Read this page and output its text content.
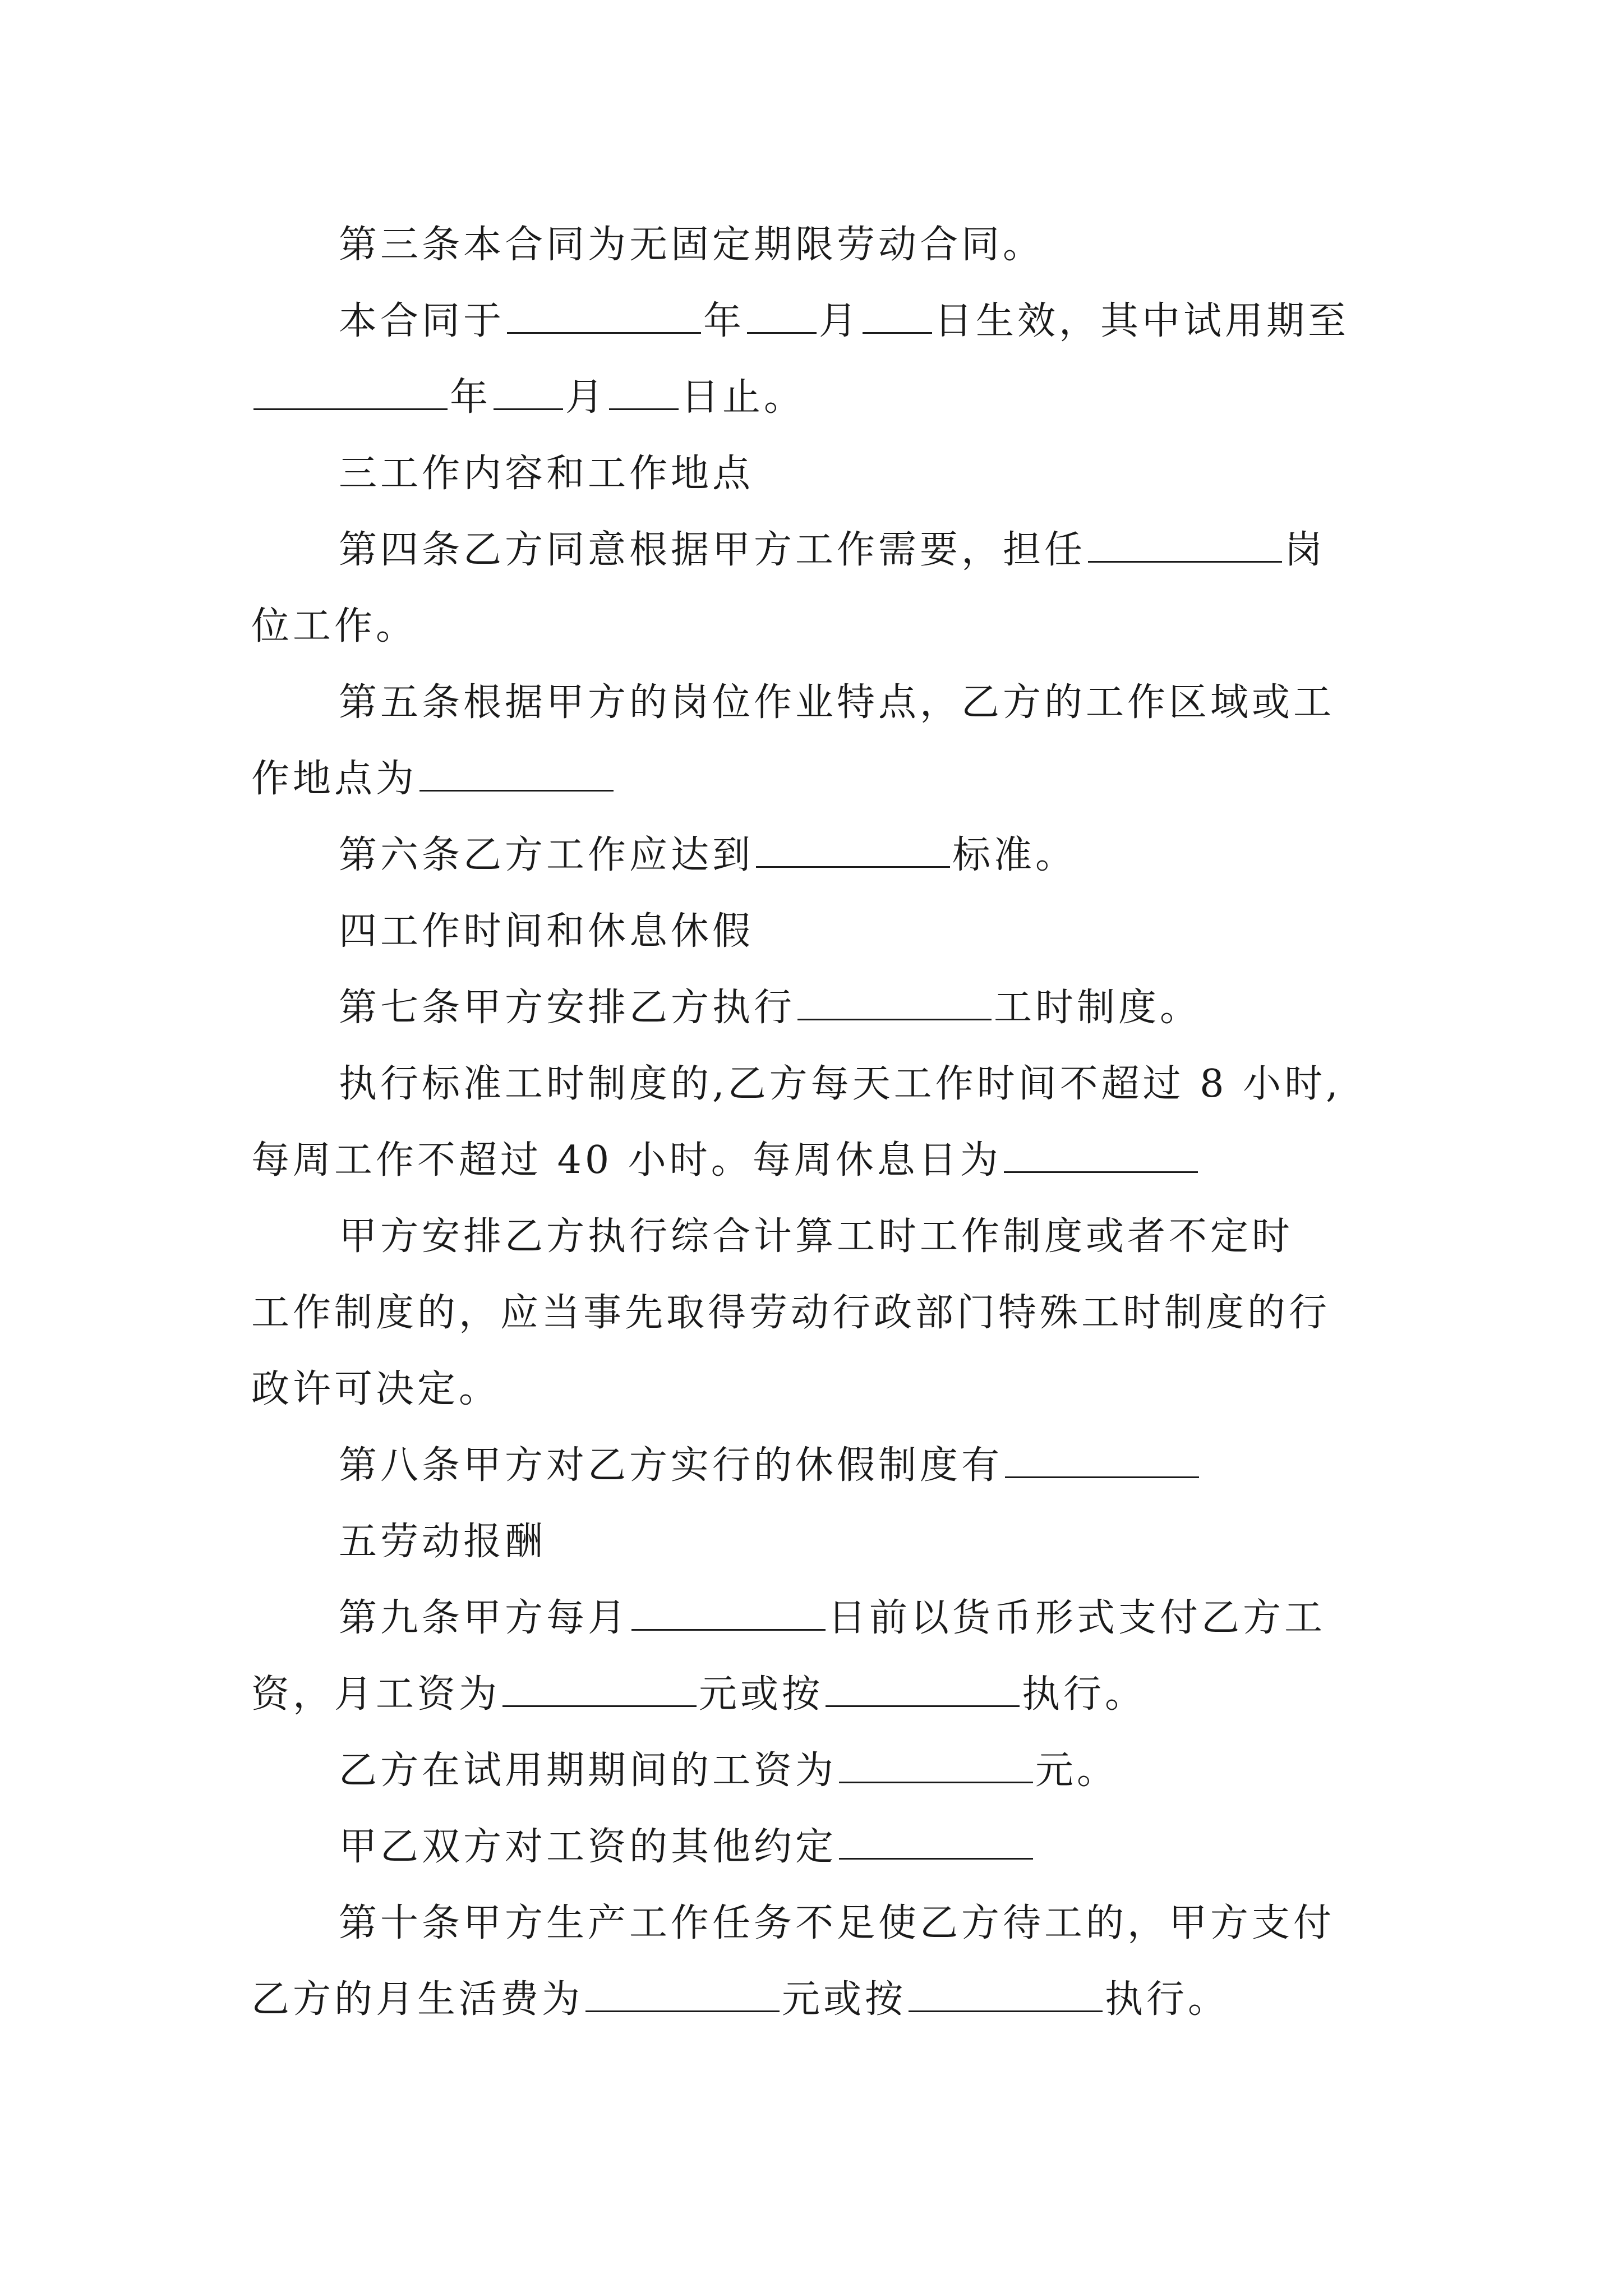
第三条本合同为无固定期限劳动合同。
本合同于	年 月 日生效，其中试用期至
年 月 日止。
三工作内容和工作地点
第四条乙方同意根据甲方工作需要，担任	岗
位工作。
第五条根据甲方的岗位作业特点，乙方的工作区域或工
作地点为
第六条乙方工作应达到	标准。
四工作时间和休息休假
第七条甲方安排乙方执行	工时制度。
执行标准工时制度的,乙方每天工作时间不超过 8 小时,
每周工作不超过 40 小时。每周休息日为
甲方安排乙方执行综合计算工时工作制度或者不定时
工作制度的，应当事先取得劳动行政部门特殊工时制度的行
政许可决定。
第八条甲方对乙方实行的休假制度有
五劳动报酬
第九条甲方每月	日前以货币形式支付乙方工
资，月工资为	元或按	执行。
乙方在试用期期间的工资为	元。
甲乙双方对工资的其他约定
第十条甲方生产工作任务不足使乙方待工的，甲方支付
乙方的月生活费为	元或按	执行。
